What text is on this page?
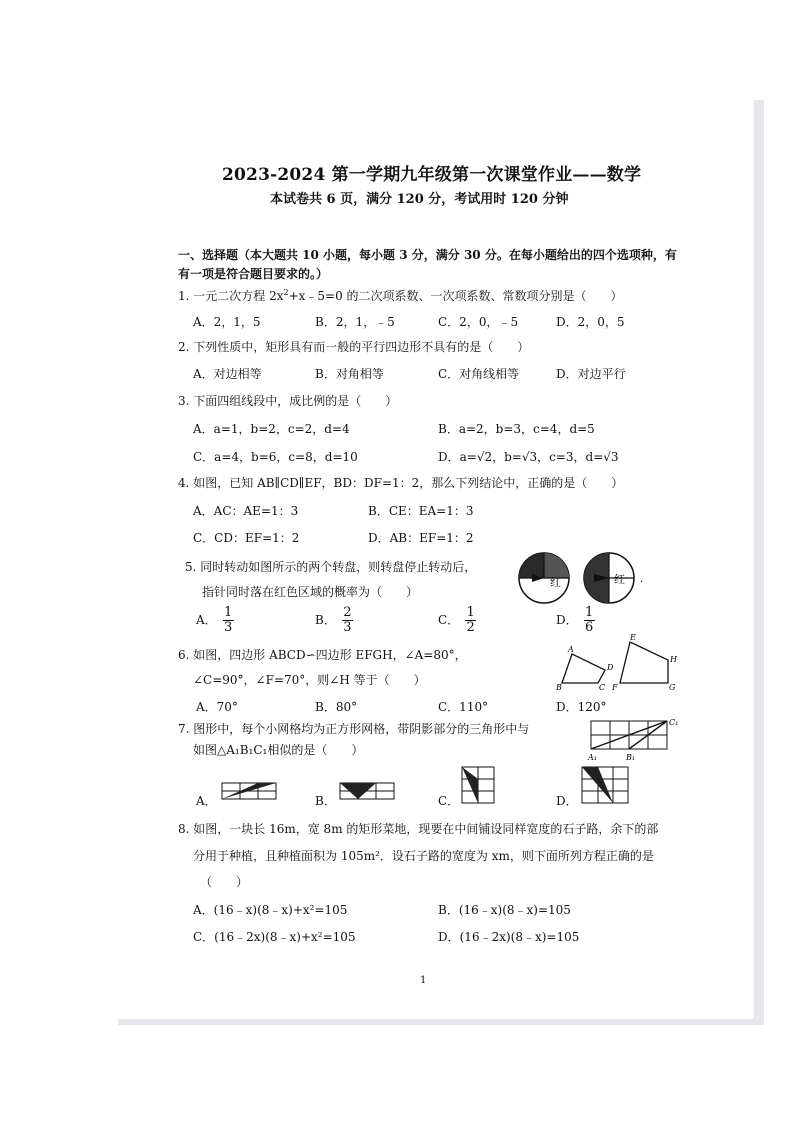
2023-2024 第一学期九年级第一次课堂作业——数学
本试卷共 6 页，满分 120 分，考试用时 120 分钟
一、选择题（本大题共 10 小题，每小题 3 分，满分 30 分。在每小题给出的四个选项种，有
有一项是符合题目要求的。）
1. 一元二次方程 $2x^2+x﹣5=0$ 的二次项系数、一次项系数、常数项分别是（　　）
A．2，1，5	B．2，1，﹣5	C．2，0，﹣5	D．2，0，5
2. 下列性质中，矩形具有而一般的平行四边形不具有的是（　　）
A．对边相等	B．对角相等	C．对角线相等	D．对边平行
3. 下面四组线段中，成比例的是（　　）
A．a=1，b=2，c=2，d=4	B．a=2，b=3，c=4，d=5
C．a=4，b=6，c=8，d=10	D．a=√2，b=√3，c=3，d=√3
4. 如图，已知 AB∥CD∥EF，BD：DF=1：2，那么下列结论中，正确的是（　　）
A．AC：AE=1：3	B．CE：EA=1：3
C．CD：EF=1：2	D．AB：EF=1：2
5. 同时转动如图所示的两个转盘，则转盘停止转动后，
指针同时落在红色区域的概率为（　　）
A． $\frac{1}{3}$	B． $\frac{2}{3}$	C． $\frac{1}{2}$	D． $\frac{1}{6}$
红	红 .
6. 如图，四边形 ABCD∽四边形 EFGH，∠A=80°，
∠C=90°，∠F=70°，则∠H 等于（　　）
A．70°	B．80°	C．110°	D．120°
A
B	C
D
E
F	G
H
7. 图形中，每个小网格均为正方形网格，带阴影部分的三角形中与
如图△A₁B₁C₁相似的是（　　）
C₁
A₁	B₁
A．	B．	C．	D．
8. 如图，一块长 16m，宽 8m 的矩形菜地，现要在中间铺设同样宽度的石子路，余下的部
分用于种植，且种植面积为 105m²．设石子路的宽度为 xm，则下面所列方程正确的是
（　　）
A．(16﹣x)(8﹣x)+x²=105	B．(16﹣x)(8﹣x)=105
C．(16﹣2x)(8﹣x)+x²=105	D．(16﹣2x)(8﹣x)=105
1
